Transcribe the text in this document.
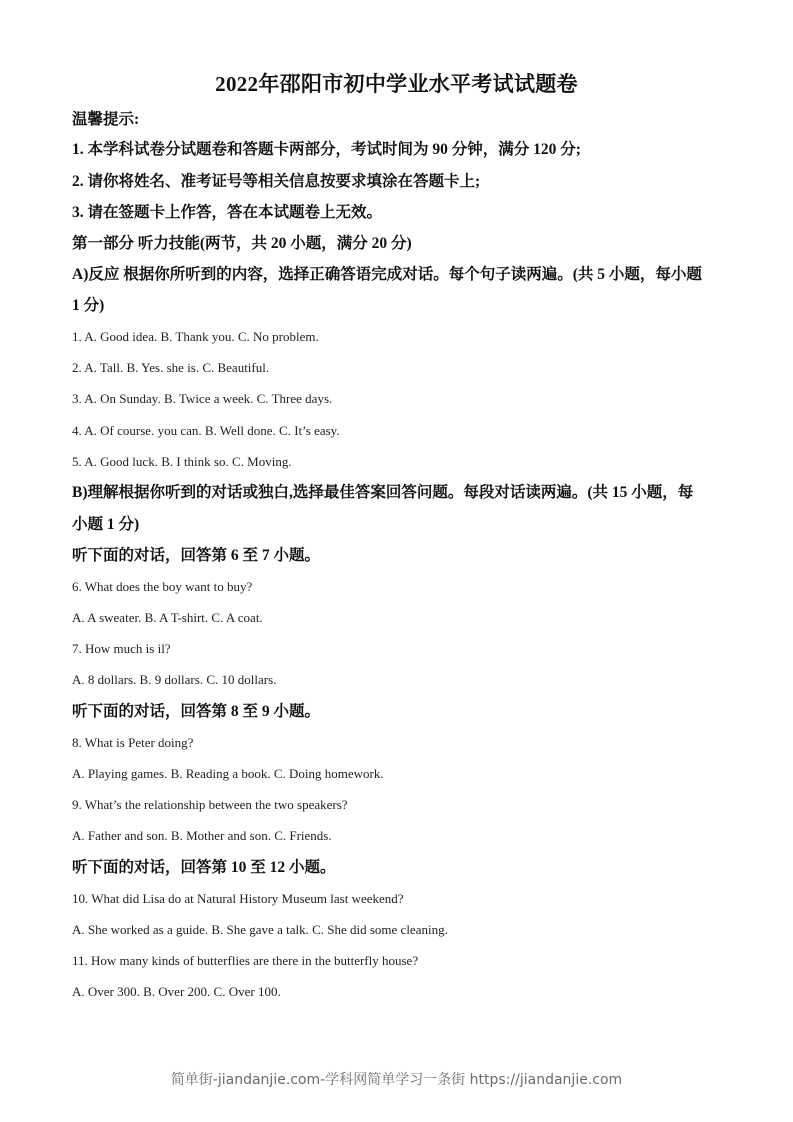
2022年邵阳市初中学业水平考试试题卷
温馨提示:
1. 本学科试卷分试题卷和答题卡两部分，考试时间为 90 分钟，满分 120 分;
2. 请你将姓名、准考证号等相关信息按要求填涂在答题卡上;
3. 请在签题卡上作答，答在本试题卷上无效。
第一部分 听力技能(两节，共 20 小题，满分 20 分)
A)反应 根据你所听到的内容，选择正确答语完成对话。每个句子读两遍。(共 5 小题，每小题
1 分)
1. A. Good idea. B. Thank you. C. No problem.
2. A. Tall. B. Yes. she is. C. Beautiful.
3. A. On Sunday. B. Twice a week. C. Three days.
4. A. Of course. you can. B. Well done. C. It’s easy.
5. A. Good luck. B. I think so. C. Moving.
B)理解根据你听到的对话或独白,选择最佳答案回答问题。每段对话读两遍。(共 15 小题，每
小题 1 分)
听下面的对话，回答第 6 至 7 小题。
6. What does the boy want to buy?
A. A sweater. B. A T-shirt. C. A coat.
7. How much is il?
A. 8 dollars. B. 9 dollars. C. 10 dollars.
听下面的对话，回答第 8 至 9 小题。
8. What is Peter doing?
A. Playing games. B. Reading a book. C. Doing homework.
9. What’s the relationship between the two speakers?
A. Father and son. B. Mother and son. C. Friends.
听下面的对话，回答第 10 至 12 小题。
10. What did Lisa do at Natural History Museum last weekend?
A. She worked as a guide. B. She gave a talk. C. She did some cleaning.
11. How many kinds of butterflies are there in the butterfly house?
A. Over 300. B. Over 200. C. Over 100.
简单街-jiandanjie.com-学科网简单学习一条街 https://jiandanjie.com
